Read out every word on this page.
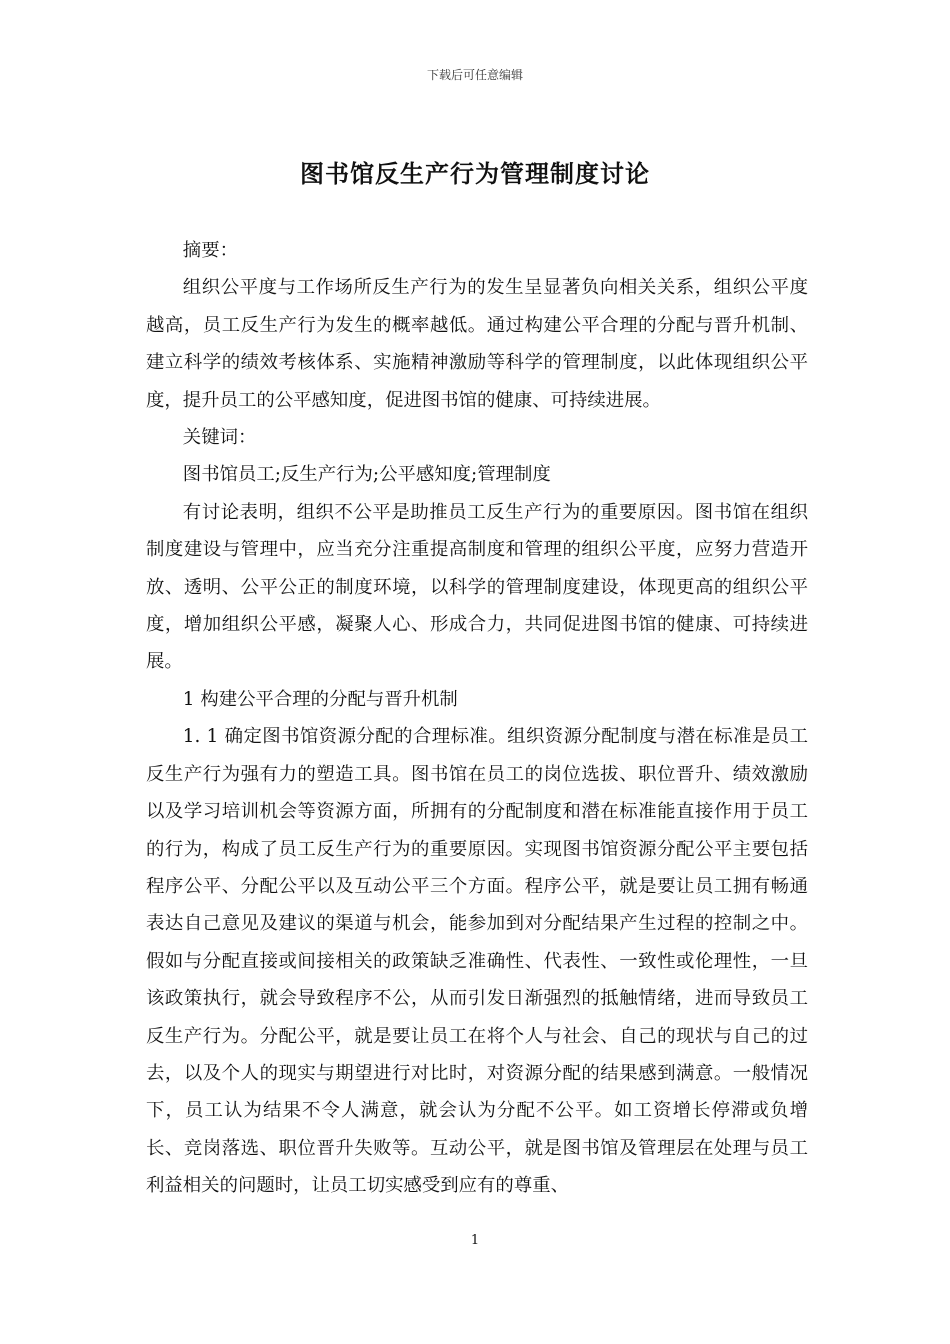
下载后可任意编辑
图书馆反生产行为管理制度讨论

摘要：

组织公平度与工作场所反生产行为的发生呈显著负向相关关系，组织公平度越高，员工反生产行为发生的概率越低。通过构建公平合理的分配与晋升机制、建立科学的绩效考核体系、实施精神激励等科学的管理制度，以此体现组织公平度，提升员工的公平感知度，促进图书馆的健康、可持续进展。

关键词：

图书馆员工;反生产行为;公平感知度;管理制度

有讨论表明，组织不公平是助推员工反生产行为的重要原因。图书馆在组织制度建设与管理中，应当充分注重提高制度和管理的组织公平度，应努力营造开放、透明、公平公正的制度环境，以科学的管理制度建设，体现更高的组织公平度，增加组织公平感，凝聚人心、形成合力，共同促进图书馆的健康、可持续进展。

1 构建公平合理的分配与晋升机制

1. 1 确定图书馆资源分配的合理标准。组织资源分配制度与潜在标准是员工反生产行为强有力的塑造工具。图书馆在员工的岗位选拔、职位晋升、绩效激励以及学习培训机会等资源方面，所拥有的分配制度和潜在标准能直接作用于员工的行为，构成了员工反生产行为的重要原因。实现图书馆资源分配公平主要包括程序公平、分配公平以及互动公平三个方面。程序公平，就是要让员工拥有畅通表达自己意见及建议的渠道与机会，能参加到对分配结果产生过程的控制之中。假如与分配直接或间接相关的政策缺乏准确性、代表性、一致性或伦理性，一旦该政策执行，就会导致程序不公，从而引发日渐强烈的抵触情绪，进而导致员工反生产行为。分配公平，就是要让员工在将个人与社会、自己的现状与自己的过去，以及个人的现实与期望进行对比时，对资源分配的结果感到满意。一般情况下，员工认为结果不令人满意，就会认为分配不公平。如工资增长停滞或负增长、竞岗落选、职位晋升失败等。互动公平，就是图书馆及管理层在处理与员工利益相关的问题时，让员工切实感受到应有的尊重、

1
